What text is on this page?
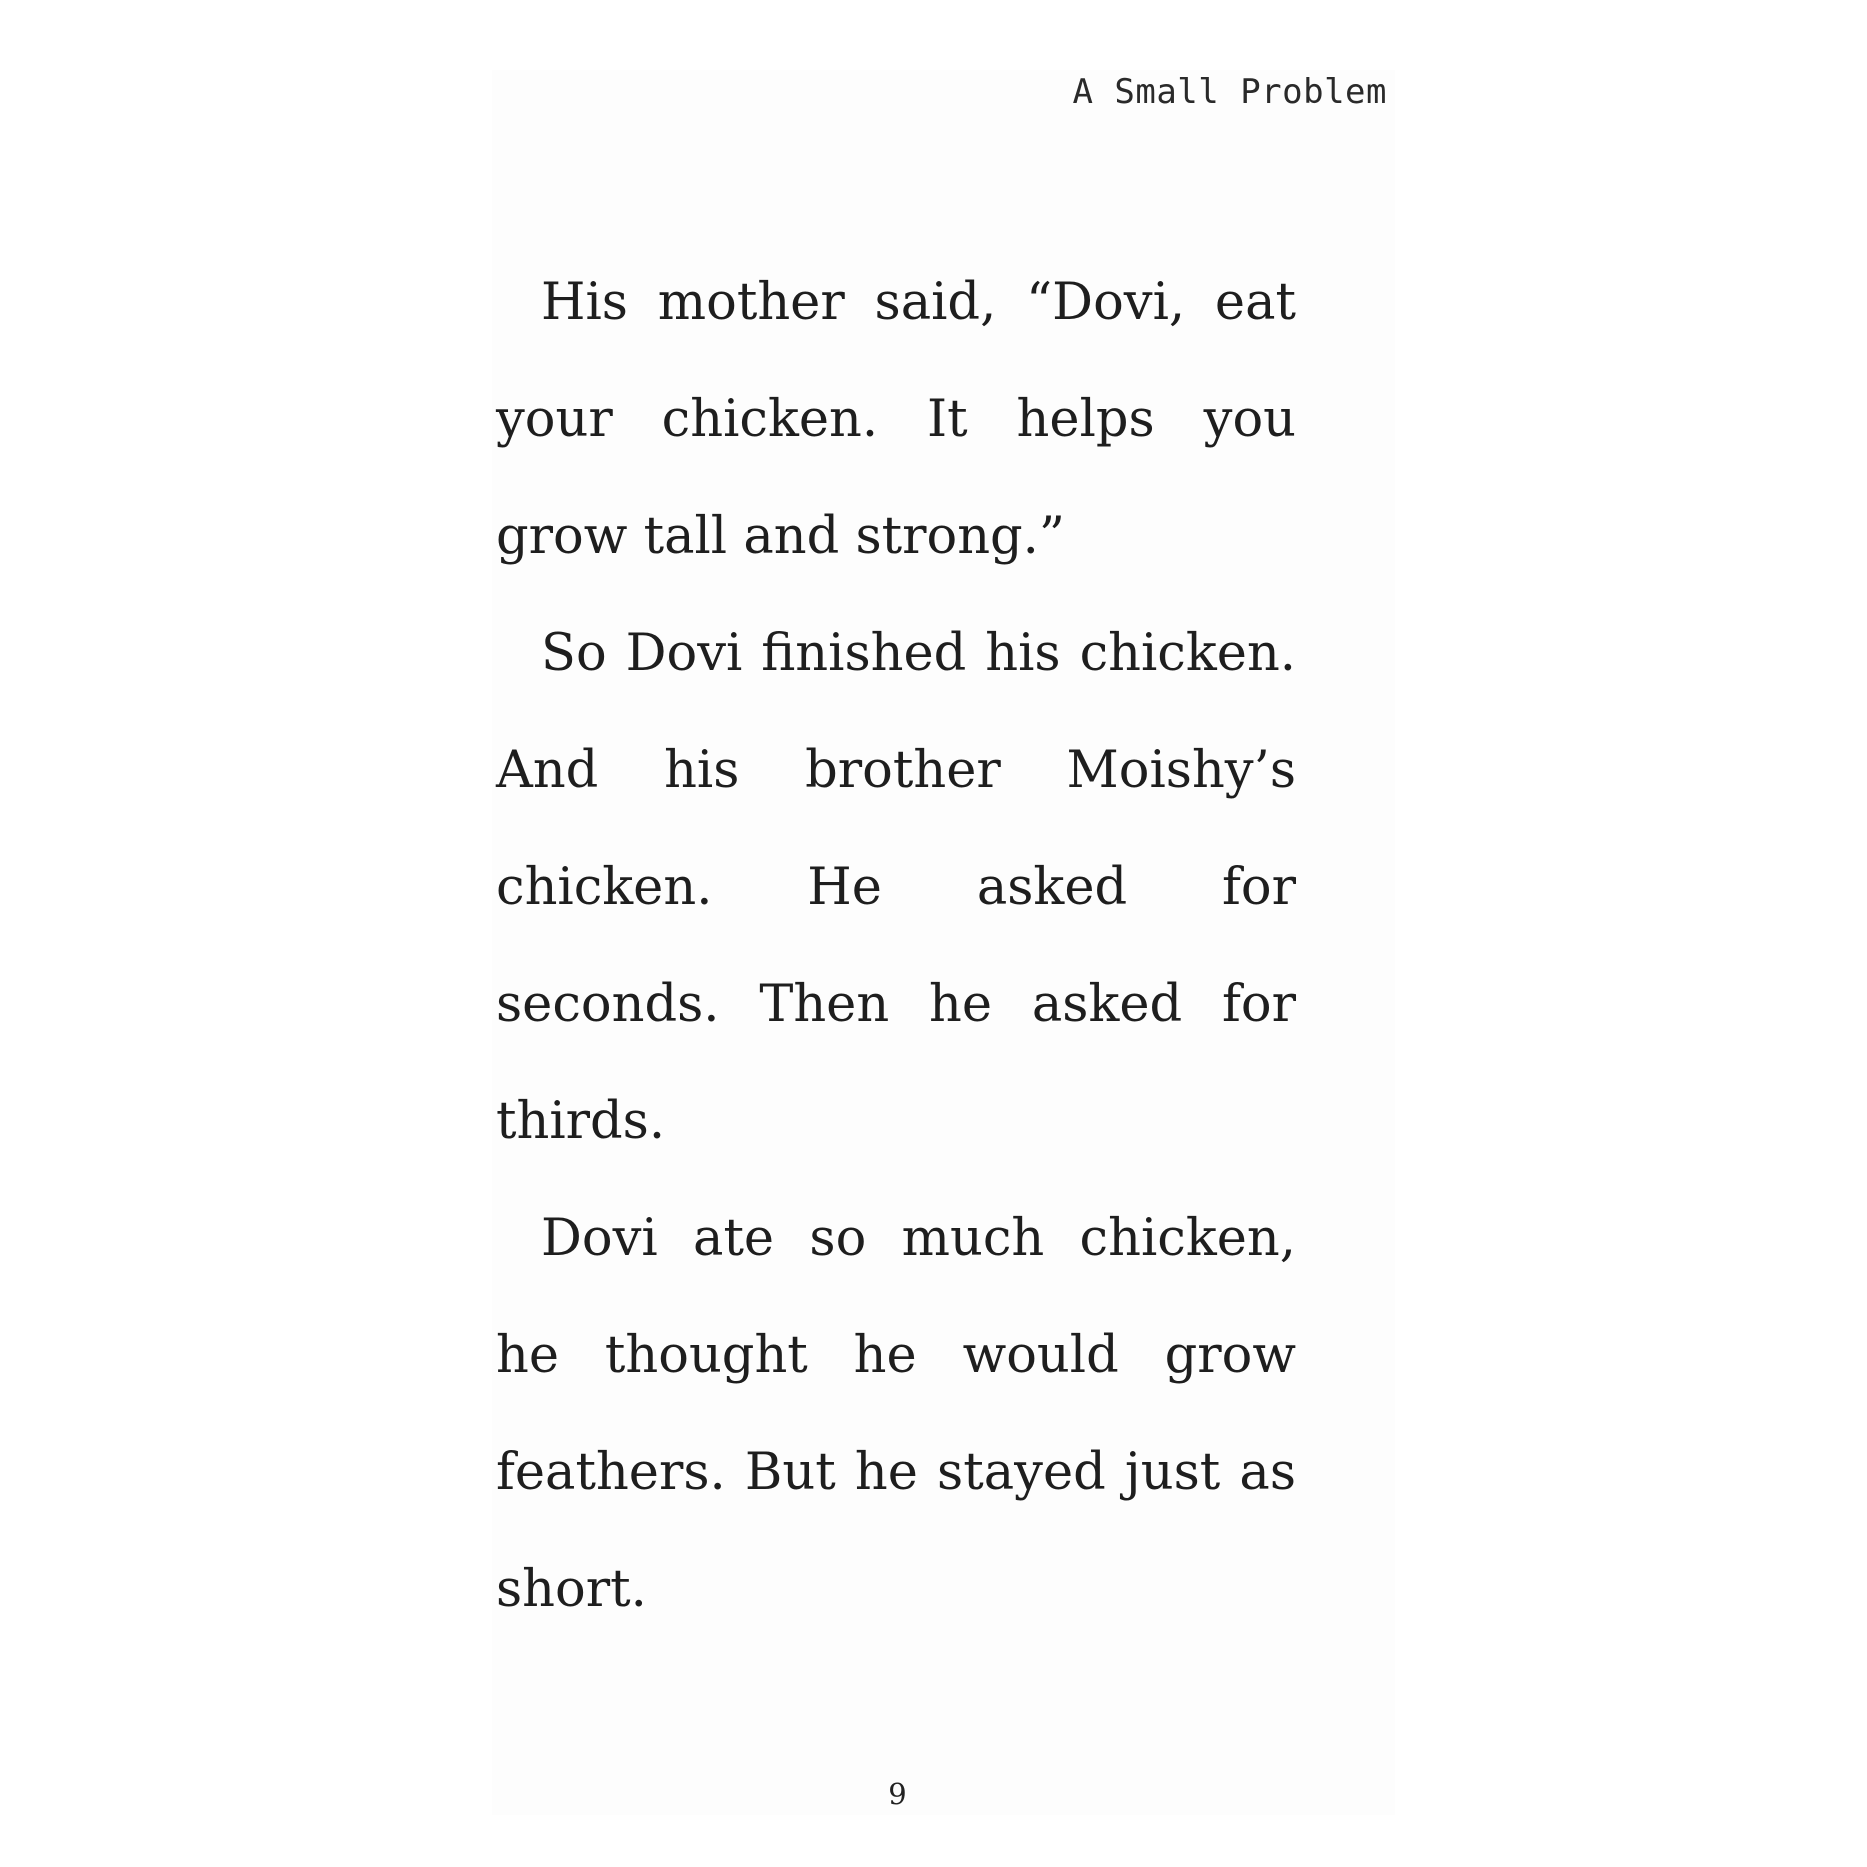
A Small Problem

His mother said, “Dovi, eat your chicken. It helps you grow tall and strong.”

So Dovi finished his chicken. And his brother Moishy’s chicken. He asked for seconds. Then he asked for thirds.

Dovi ate so much chicken, he thought he would grow feathers. But he stayed just as short.

9
